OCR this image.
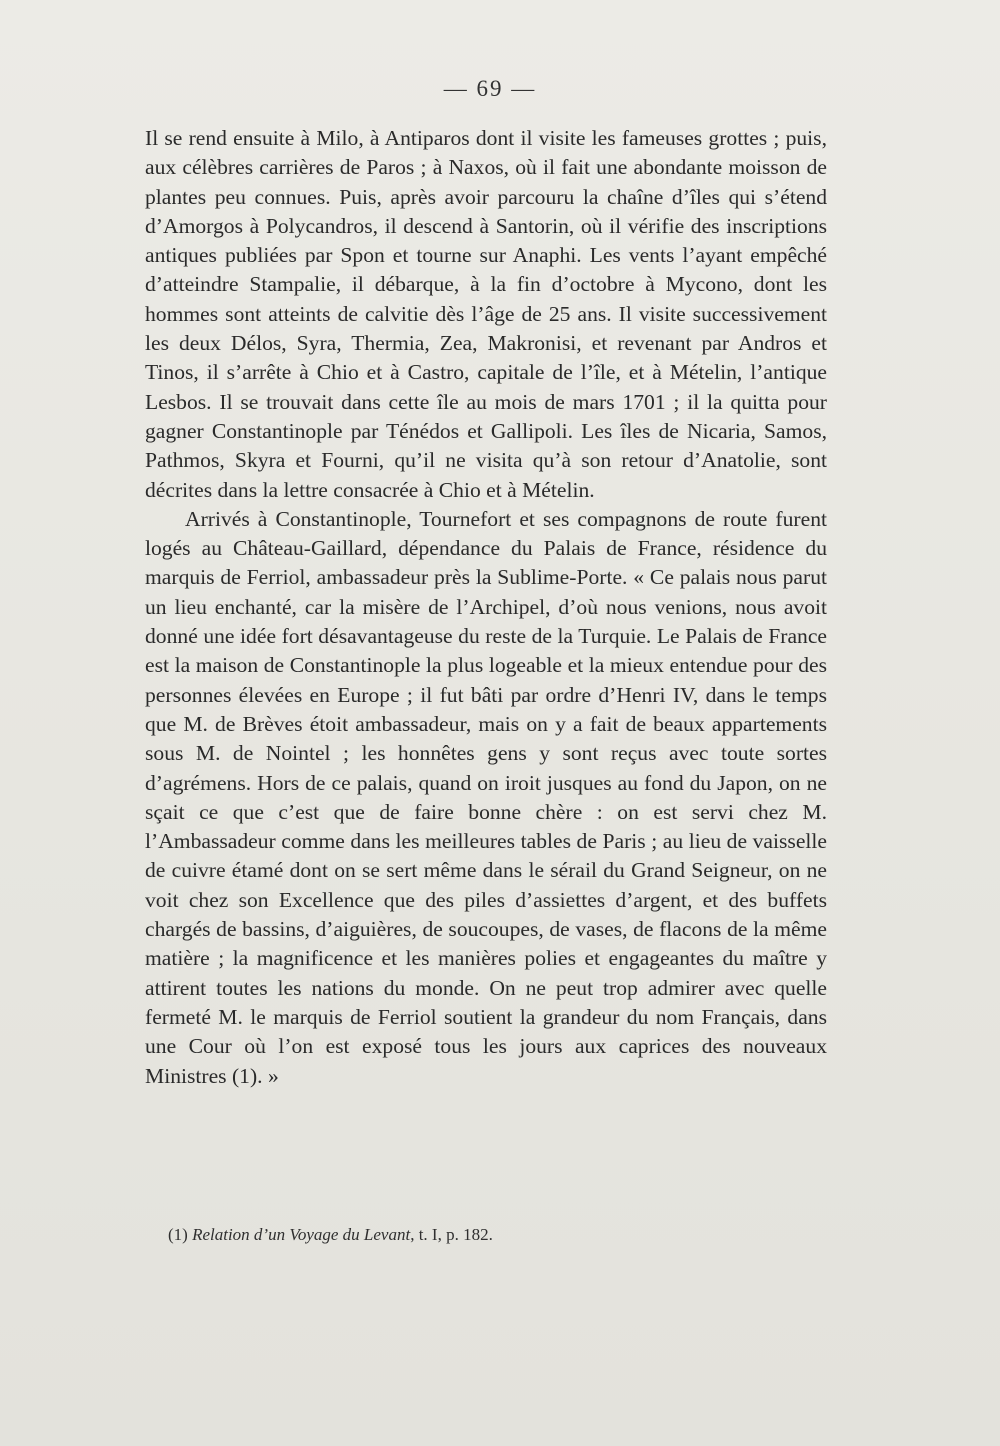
— 69 —

Il se rend ensuite à Milo, à Antiparos dont il visite les fameuses grottes ; puis, aux célèbres carrières de Paros ; à Naxos, où il fait une abondante moisson de plantes peu connues. Puis, après avoir parcouru la chaîne d’îles qui s’étend d’Amorgos à Polycandros, il descend à Santorin, où il vérifie des inscriptions antiques publiées par Spon et tourne sur Anaphi. Les vents l’ayant empêché d’atteindre Stampalie, il débarque, à la fin d’octobre à Mycono, dont les hommes sont atteints de calvitie dès l’âge de 25 ans. Il visite successivement les deux Délos, Syra, Thermia, Zea, Makronisi, et revenant par Andros et Tinos, il s’arrête à Chio et à Castro, capitale de l’île, et à Mételin, l’antique Lesbos. Il se trouvait dans cette île au mois de mars 1701 ; il la quitta pour gagner Constantinople par Ténédos et Gallipoli. Les îles de Nicaria, Samos, Pathmos, Skyra et Fourni, qu’il ne visita qu’à son retour d’Anatolie, sont décrites dans la lettre consacrée à Chio et à Mételin.

Arrivés à Constantinople, Tournefort et ses compagnons de route furent logés au Château-Gaillard, dépendance du Palais de France, résidence du marquis de Ferriol, ambassadeur près la Sublime-Porte. « Ce palais nous parut un lieu enchanté, car la misère de l’Archipel, d’où nous venions, nous avoit donné une idée fort désavantageuse du reste de la Turquie. Le Palais de France est la maison de Constantinople la plus logeable et la mieux entendue pour des personnes élevées en Europe ; il fut bâti par ordre d’Henri IV, dans le temps que M. de Brèves étoit ambassadeur, mais on y a fait de beaux appartements sous M. de Nointel ; les honnêtes gens y sont reçus avec toute sortes d’agrémens. Hors de ce palais, quand on iroit jusques au fond du Japon, on ne sçait ce que c’est que de faire bonne chère : on est servi chez M. l’Ambassadeur comme dans les meilleures tables de Paris ; au lieu de vaisselle de cuivre étamé dont on se sert même dans le sérail du Grand Seigneur, on ne voit chez son Excellence que des piles d’assiettes d’argent, et des buffets chargés de bassins, d’aiguières, de soucoupes, de vases, de flacons de la même matière ; la magnificence et les manières polies et engageantes du maître y attirent toutes les nations du monde. On ne peut trop admirer avec quelle fermeté M. le marquis de Ferriol soutient la grandeur du nom Français, dans une Cour où l’on est exposé tous les jours aux caprices des nouveaux Ministres (1). »

(1) Relation d’un Voyage du Levant, t. I, p. 182.
